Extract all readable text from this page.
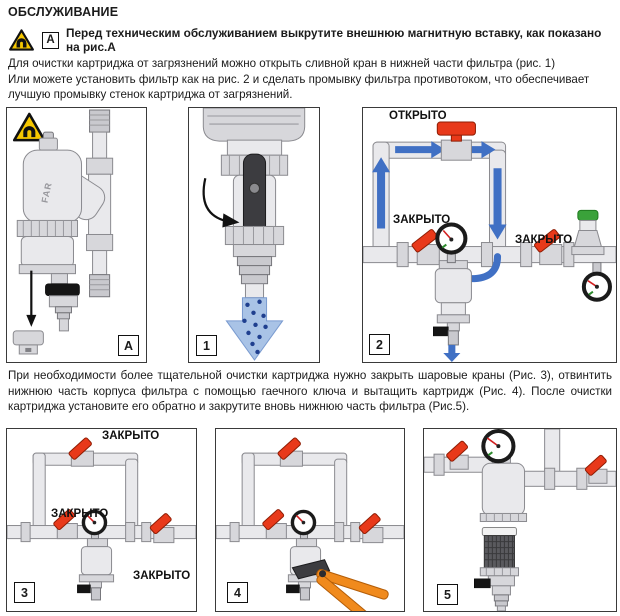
ОБСЛУЖИВАНИЕ
A Перед техническим обслуживанием выкрутите внешнюю магнитную вставку, как показано на рис.А

Для очистки картриджа от загрязнений можно открыть сливной кран в нижней части фильтра (рис. 1)
Или можете установить фильтр как на рис. 2 и сделать промывку фильтра противотоком, что обеспечивает лучшую промывку стенок картриджа от загрязнений.

FAR
A	1
ОТКРЫТО
ЗАКРЫТО
ЗАКРЫТО
2

При необходимости более тщательной очистки картриджа нужно закрыть шаровые краны (Рис. 3), отвинтить нижнюю часть корпуса фильтра с помощью гаечного ключа и вытащить картридж (Рис. 4). После очистки картриджа установите его обратно и закрутите вновь нижнюю часть фильтра (Рис.5).

ЗАКРЫТО
ЗАКРЫТО
ЗАКРЫТО
3	4	5
